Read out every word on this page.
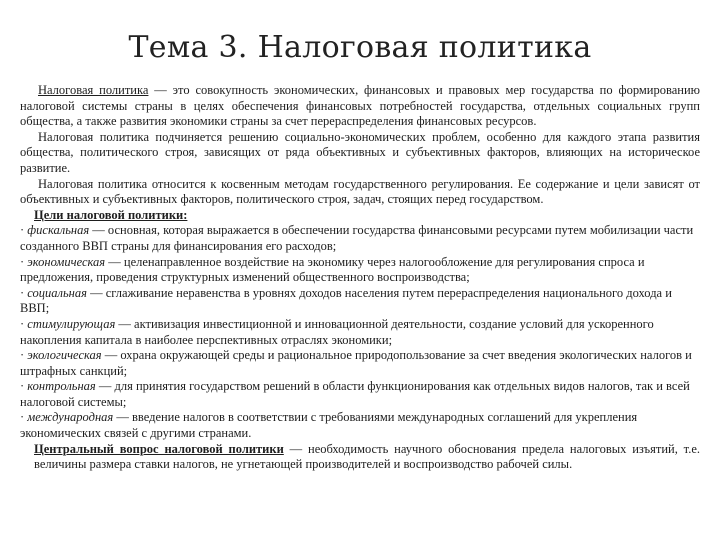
Тема 3. Налоговая политика

Налоговая политика — это совокупность экономических, финансовых и правовых мер государства по формированию налоговой системы страны в целях обеспечения финансовых потребностей государства, отдельных социальных групп общества, а также развития экономики страны за счет перераспределения финансовых ресурсов.

Налоговая политика подчиняется решению социально-экономических проблем, особенно для каждого этапа развития общества, политического строя, зависящих от ряда объективных и субъективных факторов, влияющих на историческое развитие.

Налоговая политика относится к косвенным методам государственного регулирования. Ее содержание и цели зависят от объективных и субъективных факторов, политического строя, задач, стоящих перед государством.

Цели налоговой политики:

· фискальная — основная, которая выражается в обеспечении государства финансовыми ресурсами путем мобилизации части созданного ВВП страны для финансирования его расходов;

· экономическая — целенаправленное воздействие на экономику через налогообложение для регулирования спроса и предложения, проведения структурных изменений общественного воспроизводства;

· социальная — сглаживание неравенства в уровнях доходов населения путем перераспределения национального дохода и ВВП;

· стимулирующая — активизация инвестиционной и инновационной деятельности, создание условий для ускоренного накопления капитала в наиболее перспективных отраслях экономики;

· экологическая — охрана окружающей среды и рациональное природопользование за счет введения экологических налогов и штрафных санкций;

· контрольная — для принятия государством решений в области функционирования как отдельных видов налогов, так и всей налоговой системы;

· международная — введение налогов в соответствии с требованиями международных соглашений для укрепления экономических связей с другими странами.

Центральный вопрос налоговой политики — необходимость научного обоснования предела налоговых изъятий, т.е. величины размера ставки налогов, не угнетающей производителей и воспроизводство рабочей силы.
